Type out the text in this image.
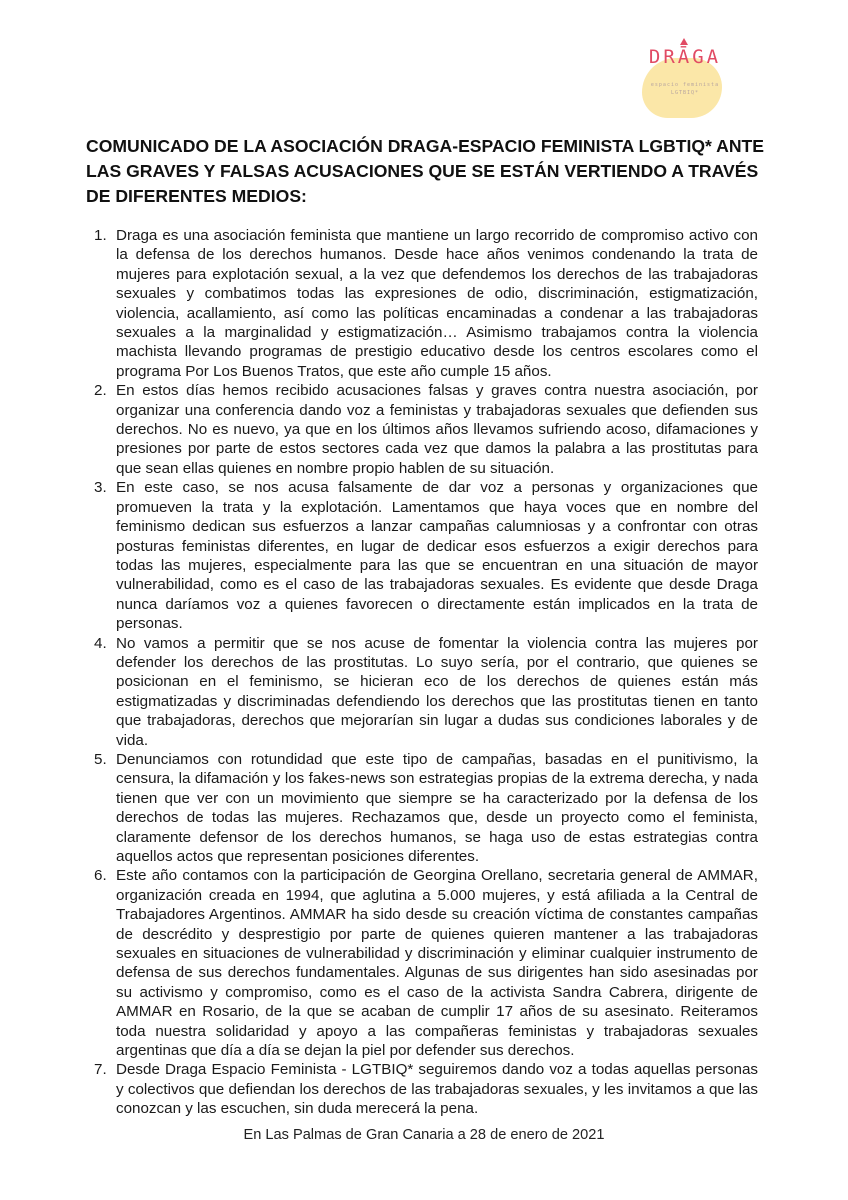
DRĀGA
espacio feminista
LGTBIQ*
COMUNICADO DE LA ASOCIACIÓN DRAGA-ESPACIO FEMINISTA LGBTIQ* ANTE LAS GRAVES Y FALSAS ACUSACIONES QUE SE ESTÁN VERTIENDO A TRAVÉS DE DIFERENTES MEDIOS:
1. Draga es una asociación feminista que mantiene un largo recorrido de compromiso activo con la defensa de los derechos humanos. Desde hace años venimos condenando la trata de mujeres para explotación sexual, a la vez que defendemos los derechos de las trabajadoras sexuales y combatimos todas las expresiones de odio, discriminación, estigmatización, violencia, acallamiento, así como las políticas encaminadas a condenar a las trabajadoras sexuales a la marginalidad y estigmatización… Asimismo trabajamos contra la violencia machista llevando programas de prestigio educativo desde los centros escolares como el programa Por Los Buenos Tratos, que este año cumple 15 años.
2. En estos días hemos recibido acusaciones falsas y graves contra nuestra asociación, por organizar una conferencia dando voz a feministas y trabajadoras sexuales que defienden sus derechos. No es nuevo, ya que en los últimos años llevamos sufriendo acoso, difamaciones y presiones por parte de estos sectores cada vez que damos la palabra a las prostitutas para que sean ellas quienes en nombre propio hablen de su situación.
3. En este caso, se nos acusa falsamente de dar voz a personas y organizaciones que promueven la trata y la explotación. Lamentamos que haya voces que en nombre del feminismo dedican sus esfuerzos a lanzar campañas calumniosas y a confrontar con otras posturas feministas diferentes, en lugar de dedicar esos esfuerzos a exigir derechos para todas las mujeres, especialmente para las que se encuentran en una situación de mayor vulnerabilidad, como es el caso de las trabajadoras sexuales. Es evidente que desde Draga nunca daríamos voz a quienes favorecen o directamente están implicados en la trata de personas.
4. No vamos a permitir que se nos acuse de fomentar la violencia contra las mujeres por defender los derechos de las prostitutas. Lo suyo sería, por el contrario, que quienes se posicionan en el feminismo, se hicieran eco de los derechos de quienes están más estigmatizadas y discriminadas defendiendo los derechos que las prostitutas tienen en tanto que trabajadoras, derechos que mejorarían sin lugar a dudas sus condiciones laborales y de vida.
5. Denunciamos con rotundidad que este tipo de campañas, basadas en el punitivismo, la censura, la difamación y los fakes-news son estrategias propias de la extrema derecha, y nada tienen que ver con un movimiento que siempre se ha caracterizado por la defensa de los derechos de todas las mujeres. Rechazamos que, desde un proyecto como el feminista, claramente defensor de los derechos humanos, se haga uso de estas estrategias contra aquellos actos que representan posiciones diferentes.
6. Este año contamos con la participación de Georgina Orellano, secretaria general de AMMAR, organización creada en 1994, que aglutina a 5.000 mujeres, y está afiliada a la Central de Trabajadores Argentinos. AMMAR ha sido desde su creación víctima de constantes campañas de descrédito y desprestigio por parte de quienes quieren mantener a las trabajadoras sexuales en situaciones de vulnerabilidad y discriminación y eliminar cualquier instrumento de defensa de sus derechos fundamentales. Algunas de sus dirigentes han sido asesinadas por su activismo y compromiso, como es el caso de la activista Sandra Cabrera, dirigente de AMMAR en Rosario, de la que se acaban de cumplir 17 años de su asesinato. Reiteramos toda nuestra solidaridad y apoyo a las compañeras feministas y trabajadoras sexuales argentinas que día a día se dejan la piel por defender sus derechos.
7. Desde Draga Espacio Feminista - LGTBIQ* seguiremos dando voz a todas aquellas personas y colectivos que defiendan los derechos de las trabajadoras sexuales, y les invitamos a que las conozcan y las escuchen, sin duda merecerá la pena.
En Las Palmas de Gran Canaria a 28 de enero de 2021
